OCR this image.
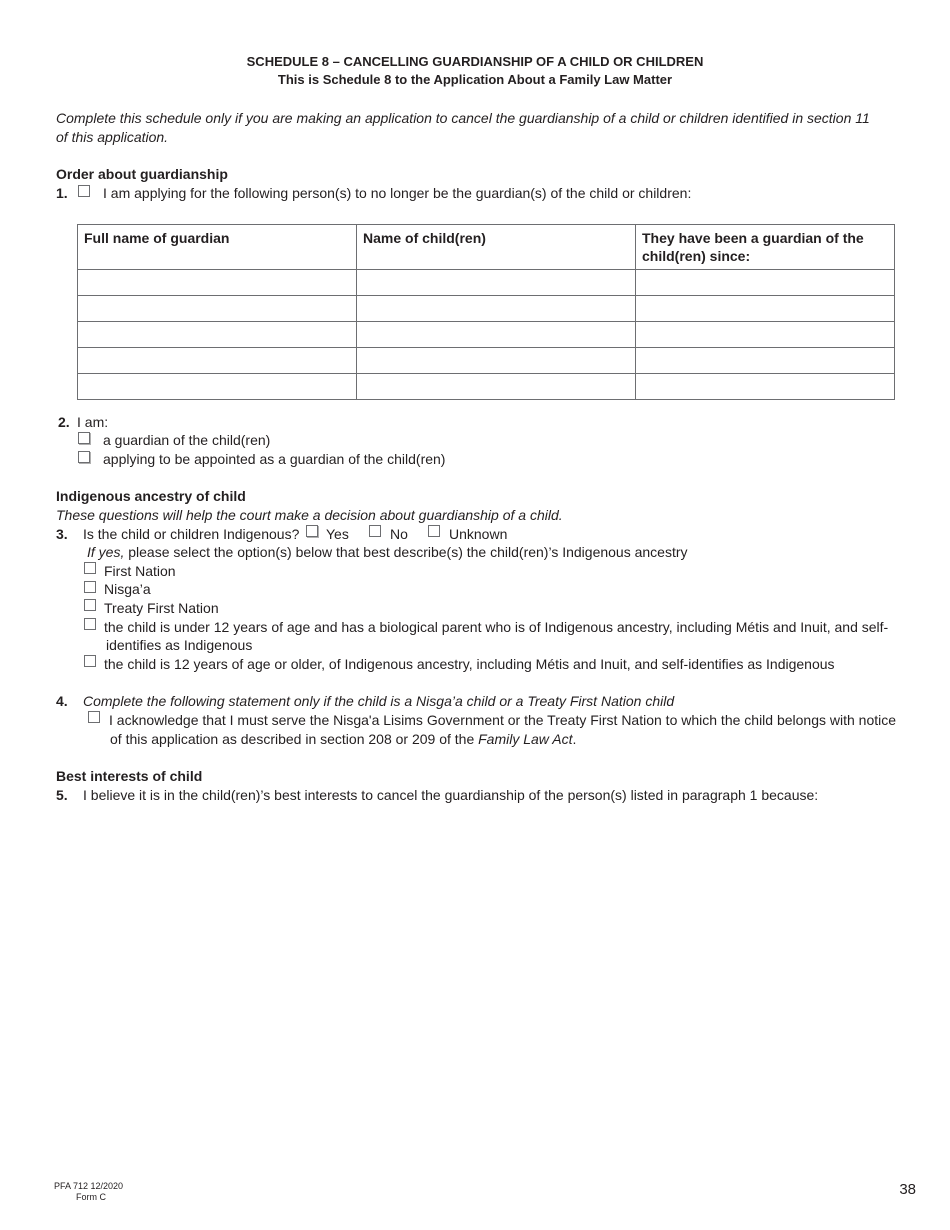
SCHEDULE 8 – CANCELLING GUARDIANSHIP OF A CHILD OR CHILDREN
This is Schedule 8 to the Application About a Family Law Matter
Complete this schedule only if you are making an application to cancel the guardianship of a child or children identified in section 11
of this application.
Order about guardianship
1.	I am applying for the following person(s) to no longer be the guardian(s) of the child or children:
Full name of guardian	Name of child(ren)	They have been a guardian of the child(ren) since:

2. I am:
a guardian of the child(ren)
applying to be appointed as a guardian of the child(ren)
Indigenous ancestry of child
These questions will help the court make a decision about guardianship of a child.
3. Is the child or children Indigenous? Yes	No	Unknown
If yes, please select the option(s) below that best describe(s) the child(ren)’s Indigenous ancestry
First Nation
Nisga’a
Treaty First Nation
the child is under 12 years of age and has a biological parent who is of Indigenous ancestry, including Métis and Inuit, and self-
identifies as Indigenous
the child is 12 years of age or older, of Indigenous ancestry, including Métis and Inuit, and self-identifies as Indigenous
4. Complete the following statement only if the child is a Nisga’a child or a Treaty First Nation child
I acknowledge that I must serve the Nisga'a Lisims Government or the Treaty First Nation to which the child belongs with notice
of this application as described in section 208 or 209 of the Family Law Act.
Best interests of child
5. I believe it is in the child(ren)’s best interests to cancel the guardianship of the person(s) listed in paragraph 1 because:
PFA 712 12/2020
Form C	38
